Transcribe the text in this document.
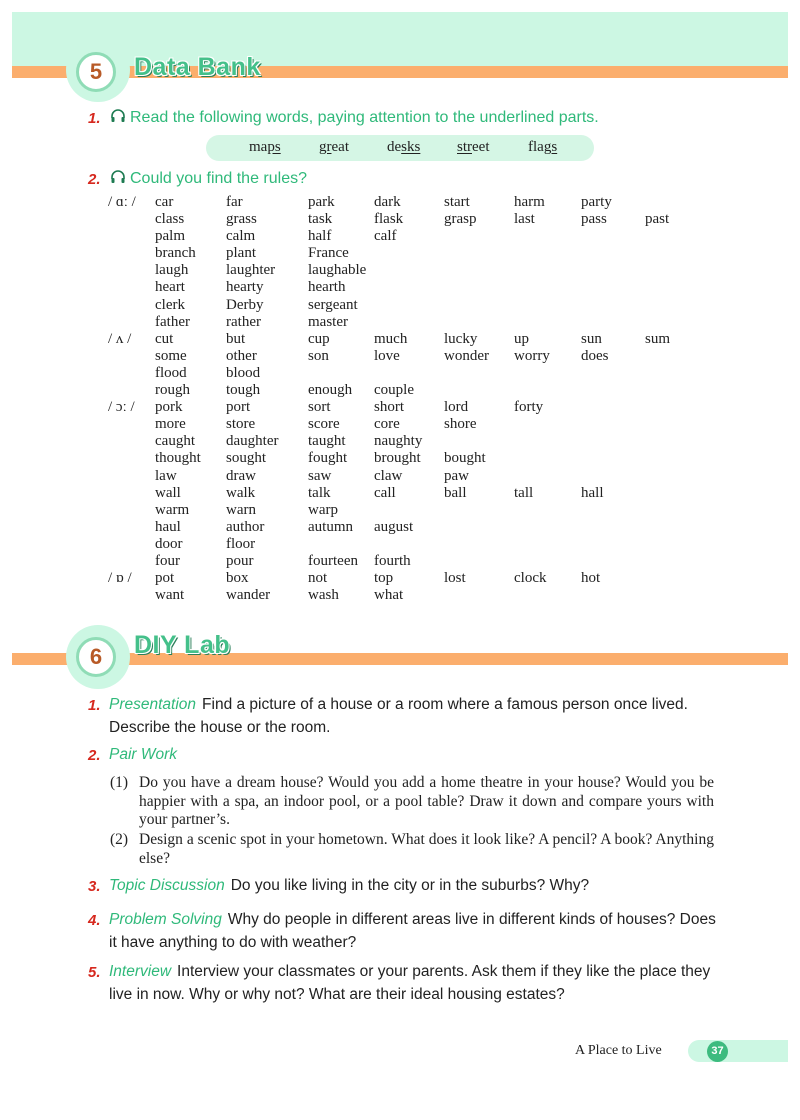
5	Data Bank
1.	Read the following words, paying attention to the underlined parts.
maps	great	desks street	flags
2.	Could you find the rules?
/ ɑː /	car	far	park	dark	start	harm	party	
	class	grass	task	flask	grasp	last	pass	past
	palm	calm	half	calf				
	branch	plant	France					
	laugh	laughter	laughable					
	heart	hearty	hearth					
	clerk	Derby	sergeant					
	father	rather	master					
/ ʌ /	cut	but	cup	much	lucky	up	sun	sum
	some	other	son	love	wonder	worry	does	
	flood	blood						
	rough	tough	enough	couple				
/ ɔː /	pork	port	sort	short	lord	forty		
	more	store	score	core	shore			
	caught	daughter	taught	naughty				
	thought	sought	fought	brought	bought			
	law	draw	saw	claw	paw			
	wall	walk	talk	call	ball	tall	hall	
	warm	warn	warp					
	haul	author	autumn	august				
	door	floor						
	four	pour	fourteen	fourth				
/ ɒ /	pot	box	not	top	lost	clock	hot	
	want	wander	wash	what				
6	DIY Lab
1. Presentation Find a picture of a house or a room where a famous person once lived. Describe the house or the room.
2. Pair Work
(1) Do you have a dream house? Would you add a home theatre in your house? Would you be happier with a spa, an indoor pool, or a pool table? Draw it down and compare yours with your partner’s.
(2) Design a scenic spot in your hometown. What does it look like? A pencil? A book? Anything else?
3. Topic Discussion Do you like living in the city or in the suburbs? Why?
4. Problem Solving Why do people in different areas live in different kinds of houses? Does it have anything to do with weather?
5. Interview Interview your classmates or your parents. Ask them if they like the place they live in now. Why or why not? What are their ideal housing estates?
A Place to Live	37
